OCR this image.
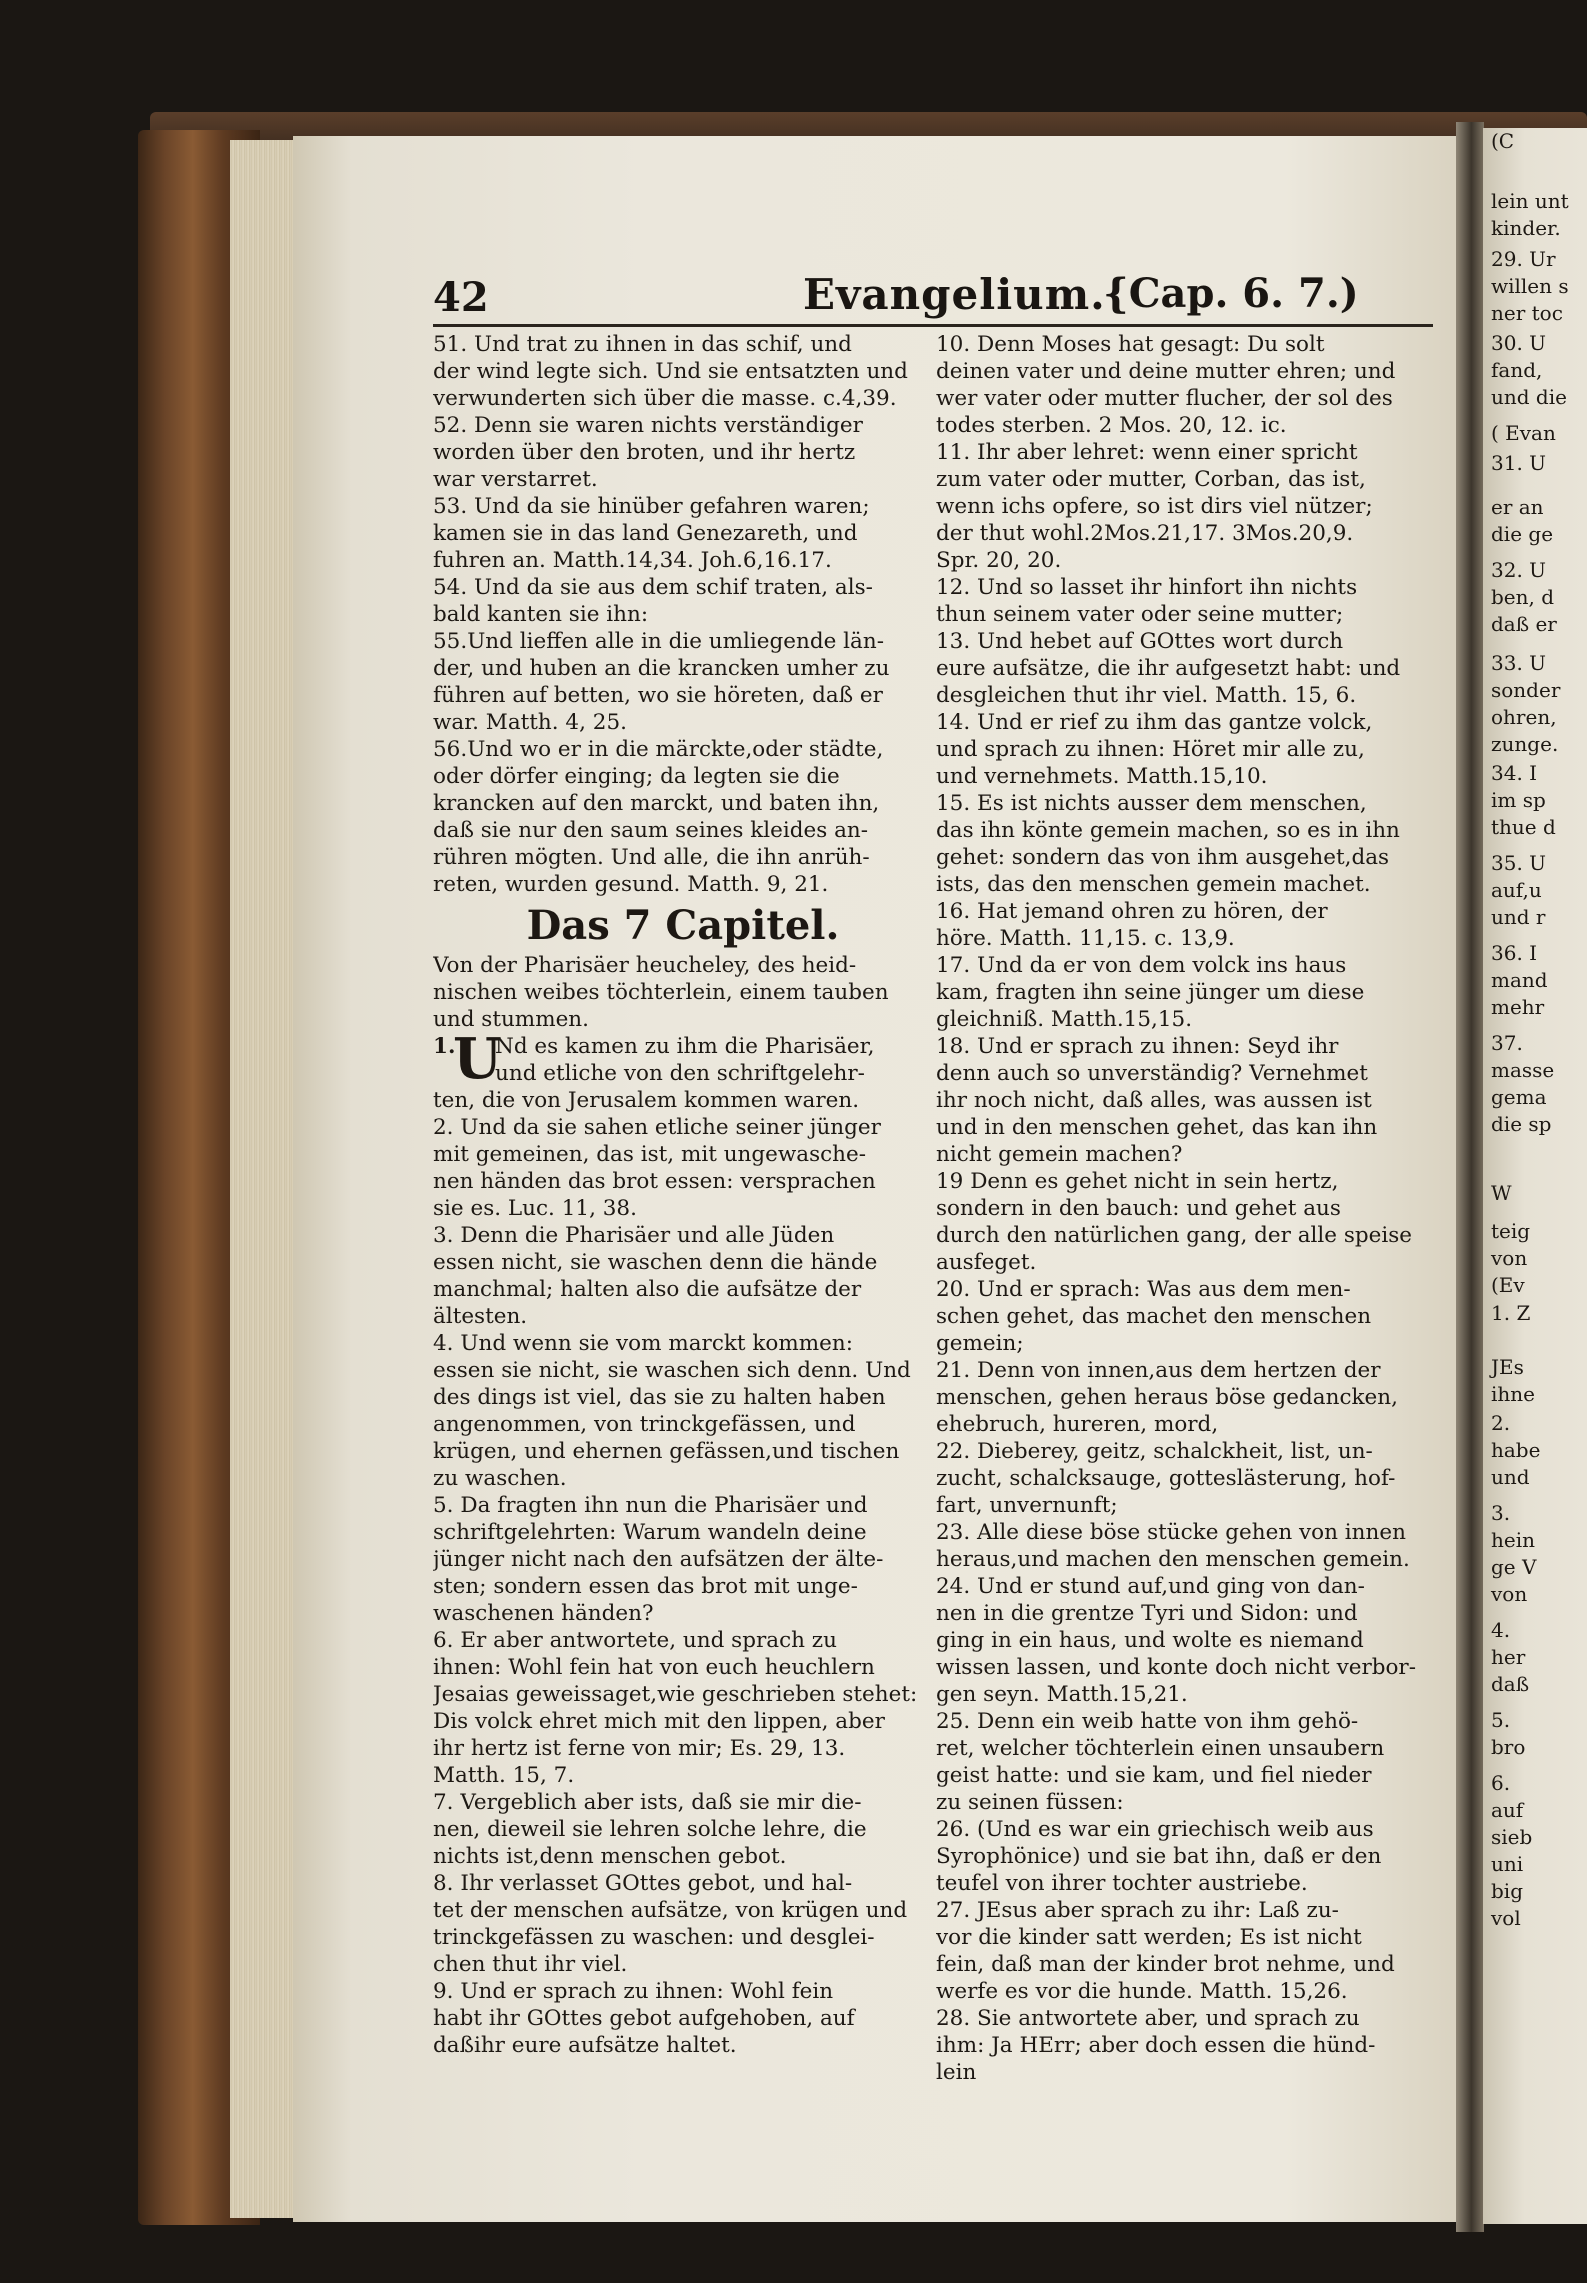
42	Evangelium.
{Cap. 6. 7.)
51. Und trat zu ihnen in das schif, und
der wind legte sich. Und sie entsatzten und
verwunderten sich über die masse. c.4,39.
52. Denn sie waren nichts verständiger
worden über den broten, und ihr hertz
war verstarret.
53. Und da sie hinüber gefahren waren;
kamen sie in das land Genezareth, und
fuhren an. Matth.14,34. Joh.6,16.17.
54. Und da sie aus dem schif traten, als-
bald kanten sie ihn:
55.Und lieffen alle in die umliegende län-
der, und huben an die krancken umher zu
führen auf betten, wo sie höreten, daß er
war. Matth. 4, 25.
56.Und wo er in die märckte,oder städte,
oder dörfer einging; da legten sie die
krancken auf den marckt, und baten ihn,
daß sie nur den saum seines kleides an-
rühren mögten. Und alle, die ihn anrüh-
reten, wurden gesund. Matth. 9, 21.
Das 7 Capitel.
Von der Pharisäer heucheley, des heid-
nischen weibes töchterlein, einem tauben
und stummen.
1.
U
Nd es kamen zu ihm die Pharisäer,
und etliche von den schriftgelehr-
ten, die von Jerusalem kommen waren.
2. Und da sie sahen etliche seiner jünger
mit gemeinen, das ist, mit ungewasche-
nen händen das brot essen: versprachen
sie es. Luc. 11, 38.
3. Denn die Pharisäer und alle Jüden
essen nicht, sie waschen denn die hände
manchmal; halten also die aufsätze der
ältesten.
4. Und wenn sie vom marckt kommen:
essen sie nicht, sie waschen sich denn. Und
des dings ist viel, das sie zu halten haben
angenommen, von trinckgefässen, und
krügen, und ehernen gefässen,und tischen
zu waschen.
5. Da fragten ihn nun die Pharisäer und
schriftgelehrten: Warum wandeln deine
jünger nicht nach den aufsätzen der älte-
sten; sondern essen das brot mit unge-
waschenen händen?
6. Er aber antwortete, und sprach zu
ihnen: Wohl fein hat von euch heuchlern
Jesaias geweissaget,wie geschrieben stehet:
Dis volck ehret mich mit den lippen, aber
ihr hertz ist ferne von mir; Es. 29, 13.
Matth. 15, 7.
7. Vergeblich aber ists, daß sie mir die-
nen, dieweil sie lehren solche lehre, die
nichts ist,denn menschen gebot.
8. Ihr verlasset GOttes gebot, und hal-
tet der menschen aufsätze, von krügen und
trinckgefässen zu waschen: und desglei-
chen thut ihr viel.
9. Und er sprach zu ihnen: Wohl fein
habt ihr GOttes gebot aufgehoben, auf
daßihr eure aufsätze haltet.
10. Denn Moses hat gesagt: Du solt
deinen vater und deine mutter ehren; und
wer vater oder mutter flucher, der sol des
todes sterben. 2 Mos. 20, 12. ic.
11. Ihr aber lehret: wenn einer spricht
zum vater oder mutter, Corban, das ist,
wenn ichs opfere, so ist dirs viel nützer;
der thut wohl.2Mos.21,17. 3Mos.20,9.
Spr. 20, 20.
12. Und so lasset ihr hinfort ihn nichts
thun seinem vater oder seine mutter;
13. Und hebet auf GOttes wort durch
eure aufsätze, die ihr aufgesetzt habt: und
desgleichen thut ihr viel. Matth. 15, 6.
14. Und er rief zu ihm das gantze volck,
und sprach zu ihnen: Höret mir alle zu,
und vernehmets. Matth.15,10.
15. Es ist nichts ausser dem menschen,
das ihn könte gemein machen, so es in ihn
gehet: sondern das von ihm ausgehet,das
ists, das den menschen gemein machet.
16. Hat jemand ohren zu hören, der
höre. Matth. 11,15. c. 13,9.
17. Und da er von dem volck ins haus
kam, fragten ihn seine jünger um diese
gleichniß. Matth.15,15.
18. Und er sprach zu ihnen: Seyd ihr
denn auch so unverständig? Vernehmet
ihr noch nicht, daß alles, was aussen ist
und in den menschen gehet, das kan ihn
nicht gemein machen?
19 Denn es gehet nicht in sein hertz,
sondern in den bauch: und gehet aus
durch den natürlichen gang, der alle speise
ausfeget.
20. Und er sprach: Was aus dem men-
schen gehet, das machet den menschen
gemein;
21. Denn von innen,aus dem hertzen der
menschen, gehen heraus böse gedancken,
ehebruch, hureren, mord,
22. Dieberey, geitz, schalckheit, list, un-
zucht, schalcksauge, gotteslästerung, hof-
fart, unvernunft;
23. Alle diese böse stücke gehen von innen
heraus,und machen den menschen gemein.
24. Und er stund auf,und ging von dan-
nen in die grentze Tyri und Sidon: und
ging in ein haus, und wolte es niemand
wissen lassen, und konte doch nicht verbor-
gen seyn. Matth.15,21.
25. Denn ein weib hatte von ihm gehö-
ret, welcher töchterlein einen unsaubern
geist hatte: und sie kam, und fiel nieder
zu seinen füssen:
26. (Und es war ein griechisch weib aus
Syrophönice) und sie bat ihn, daß er den
teufel von ihrer tochter austriebe.
27. JEsus aber sprach zu ihr: Laß zu-
vor die kinder satt werden; Es ist nicht
fein, daß man der kinder brot nehme, und
werfe es vor die hunde. Matth. 15,26.
28. Sie antwortete aber, und sprach zu
ihm: Ja HErr; aber doch essen die hünd-
lein
(C
lein unt
kinder.
29. Ur
willen s
ner toc
30. U
fand,
und die
( Evan
31. U
er an
die ge
32. U
ben, d
daß er
33. U
sonder
ohren,
zunge.
34. I
im sp
thue d
35. U
auf,u
und r
36. I
mand
mehr
37.
masse
gema
die sp
W
teig
von
(Ev
1. Z
JEs
ihne
2.
habe
und
3.
hein
ge V
von
4.
her
daß
5.
bro
6.
auf
sieb
uni
big
vol
